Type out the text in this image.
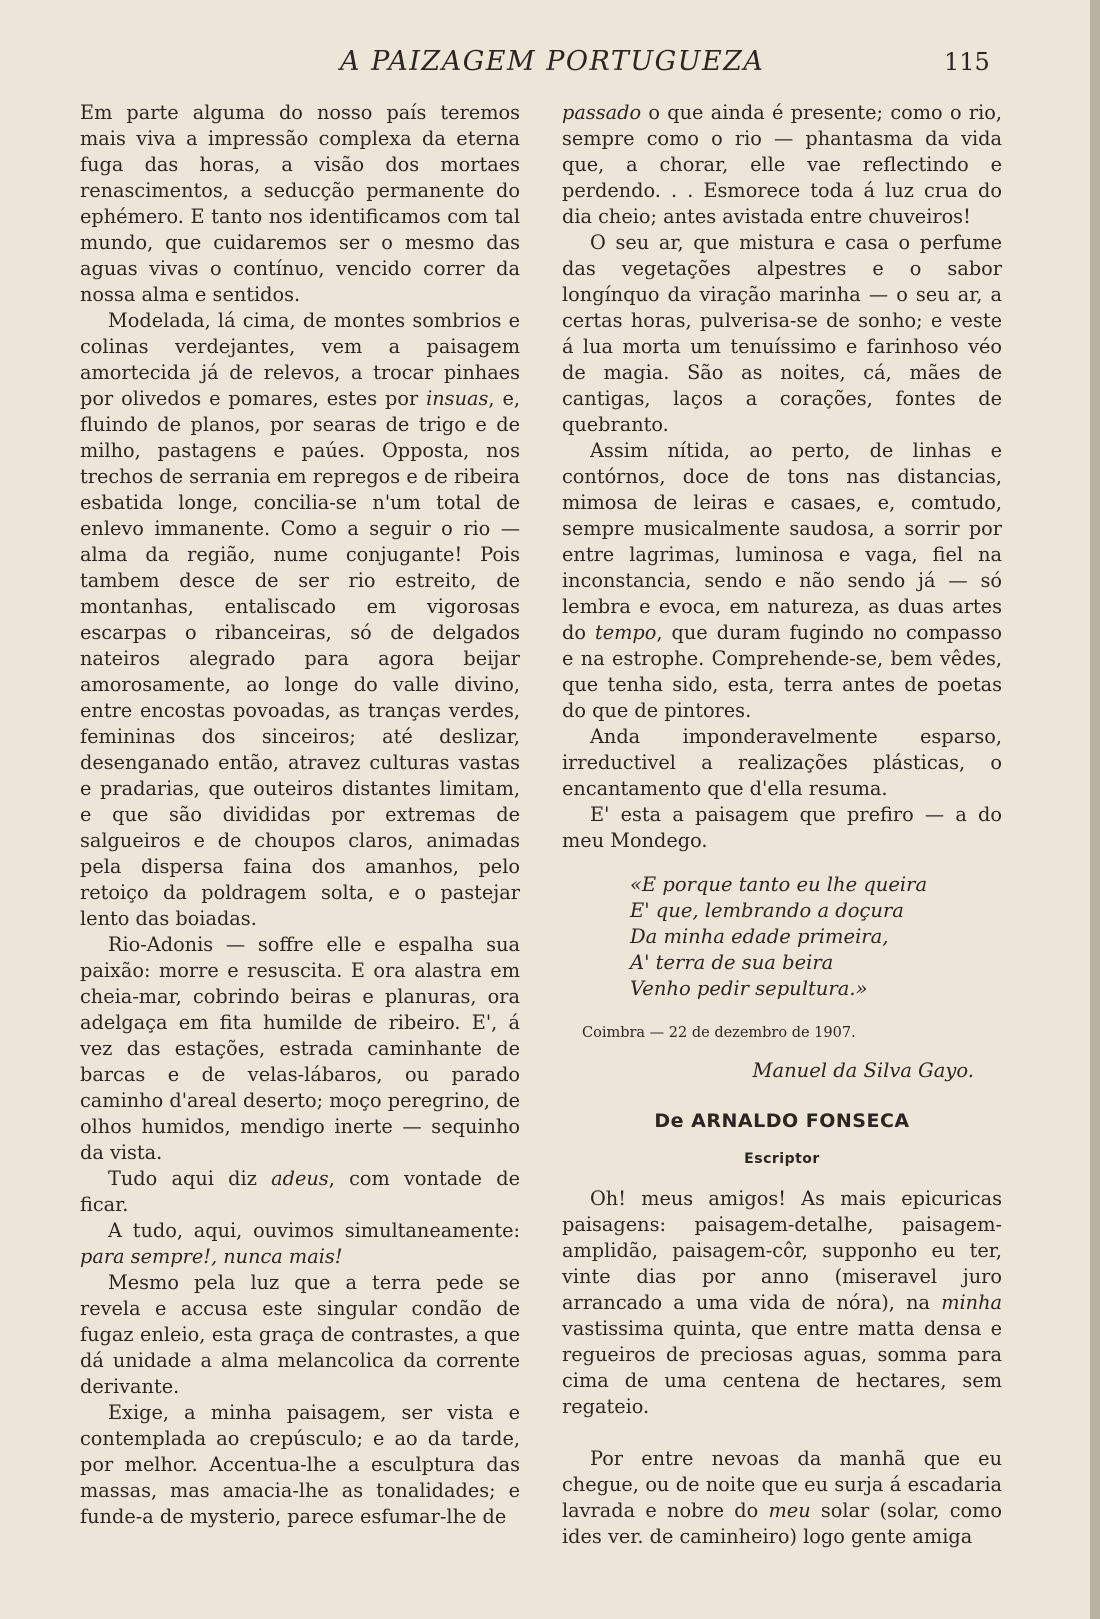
A PAIZAGEM PORTUGUEZA	115

Em parte alguma do nosso país teremos mais viva a impressão complexa da eterna fuga das horas, a visão dos mortaes renascimentos, a seducção permanente do ephémero. E tanto nos identificamos com tal mundo, que cuidaremos ser o mesmo das aguas vivas o contínuo, vencido correr da nossa alma e sentidos.

Modelada, lá cima, de montes sombrios e colinas verdejantes, vem a paisagem amortecida já de relevos, a trocar pinhaes por olivedos e pomares, estes por insuas, e, fluindo de planos, por searas de trigo e de milho, pastagens e paúes. Opposta, nos trechos de serrania em repregos e de ribeira esbatida longe, concilia-se n'um total de enlevo immanente. Como a seguir o rio — alma da região, nume conjugante! Pois tambem desce de ser rio estreito, de montanhas, entaliscado em vigorosas escarpas o ribanceiras, só de delgados nateiros alegrado para agora beijar amorosamente, ao longe do valle divino, entre encostas povoadas, as tranças verdes, femininas dos sinceiros; até deslizar, desenganado então, atravez culturas vastas e pradarias, que outeiros distantes limitam, e que são divididas por extremas de salgueiros e de choupos claros, animadas pela dispersa faina dos amanhos, pelo retoiço da poldragem solta, e o pastejar lento das boiadas.

Rio-Adonis — soffre elle e espalha sua paixão: morre e resuscita. E ora alastra em cheia-mar, cobrindo beiras e planuras, ora adelgaça em fita humilde de ribeiro. E', á vez das estações, estrada caminhante de barcas e de velas-lábaros, ou parado caminho d'areal deserto; moço peregrino, de olhos humidos, mendigo inerte — sequinho da vista.

Tudo aqui diz adeus, com vontade de ficar.

A tudo, aqui, ouvimos simultaneamente: para sempre!, nunca mais!

Mesmo pela luz que a terra pede se revela e accusa este singular condão de fugaz enleio, esta graça de contrastes, a que dá unidade a alma melancolica da corrente derivante.

Exige, a minha paisagem, ser vista e contemplada ao crepúsculo; e ao da tarde, por melhor. Accentua-lhe a esculptura das massas, mas amacia-lhe as tonalidades; e funde-a de mysterio, parece esfumar-lhe de

passado o que ainda é presente; como o rio, sempre como o rio — phantasma da vida que, a chorar, elle vae reflectindo e perdendo. . . Esmorece toda á luz crua do dia cheio; antes avistada entre chuveiros!

O seu ar, que mistura e casa o perfume das vegetações alpestres e o sabor longínquo da viração marinha — o seu ar, a certas horas, pulverisa-se de sonho; e veste á lua morta um tenuíssimo e farinhoso véo de magia. São as noites, cá, mães de cantigas, laços a corações, fontes de quebranto.

Assim nítida, ao perto, de linhas e contórnos, doce de tons nas distancias, mimosa de leiras e casaes, e, comtudo, sempre musicalmente saudosa, a sorrir por entre lagrimas, luminosa e vaga, fiel na inconstancia, sendo e não sendo já — só lembra e evoca, em natureza, as duas artes do tempo, que duram fugindo no compasso e na estrophe. Comprehende-se, bem vêdes, que tenha sido, esta, terra antes de poetas do que de pintores.

Anda imponderavelmente esparso, irreductivel a realizações plásticas, o encantamento que d'ella resuma.

E' esta a paisagem que prefiro — a do meu Mondego.

«E porque tanto eu lhe queira
E' que, lembrando a doçura
Da minha edade primeira,
A' terra de sua beira
Venho pedir sepultura.»
Coimbra — 22 de dezembro de 1907.
Manuel da Silva Gayo.
De ARNALDO FONSECA
Escriptor

Oh! meus amigos! As mais epicuricas paisagens: paisagem-detalhe, paisagem-amplidão, paisagem-côr, supponho eu ter, vinte dias por anno (miseravel juro arrancado a uma vida de nóra), na minha vastissima quinta, que entre matta densa e regueiros de preciosas aguas, somma para cima de uma centena de hectares, sem regateio.

Por entre nevoas da manhã que eu chegue, ou de noite que eu surja á escadaria lavrada e nobre do meu solar (solar, como ides ver. de caminheiro) logo gente amiga
